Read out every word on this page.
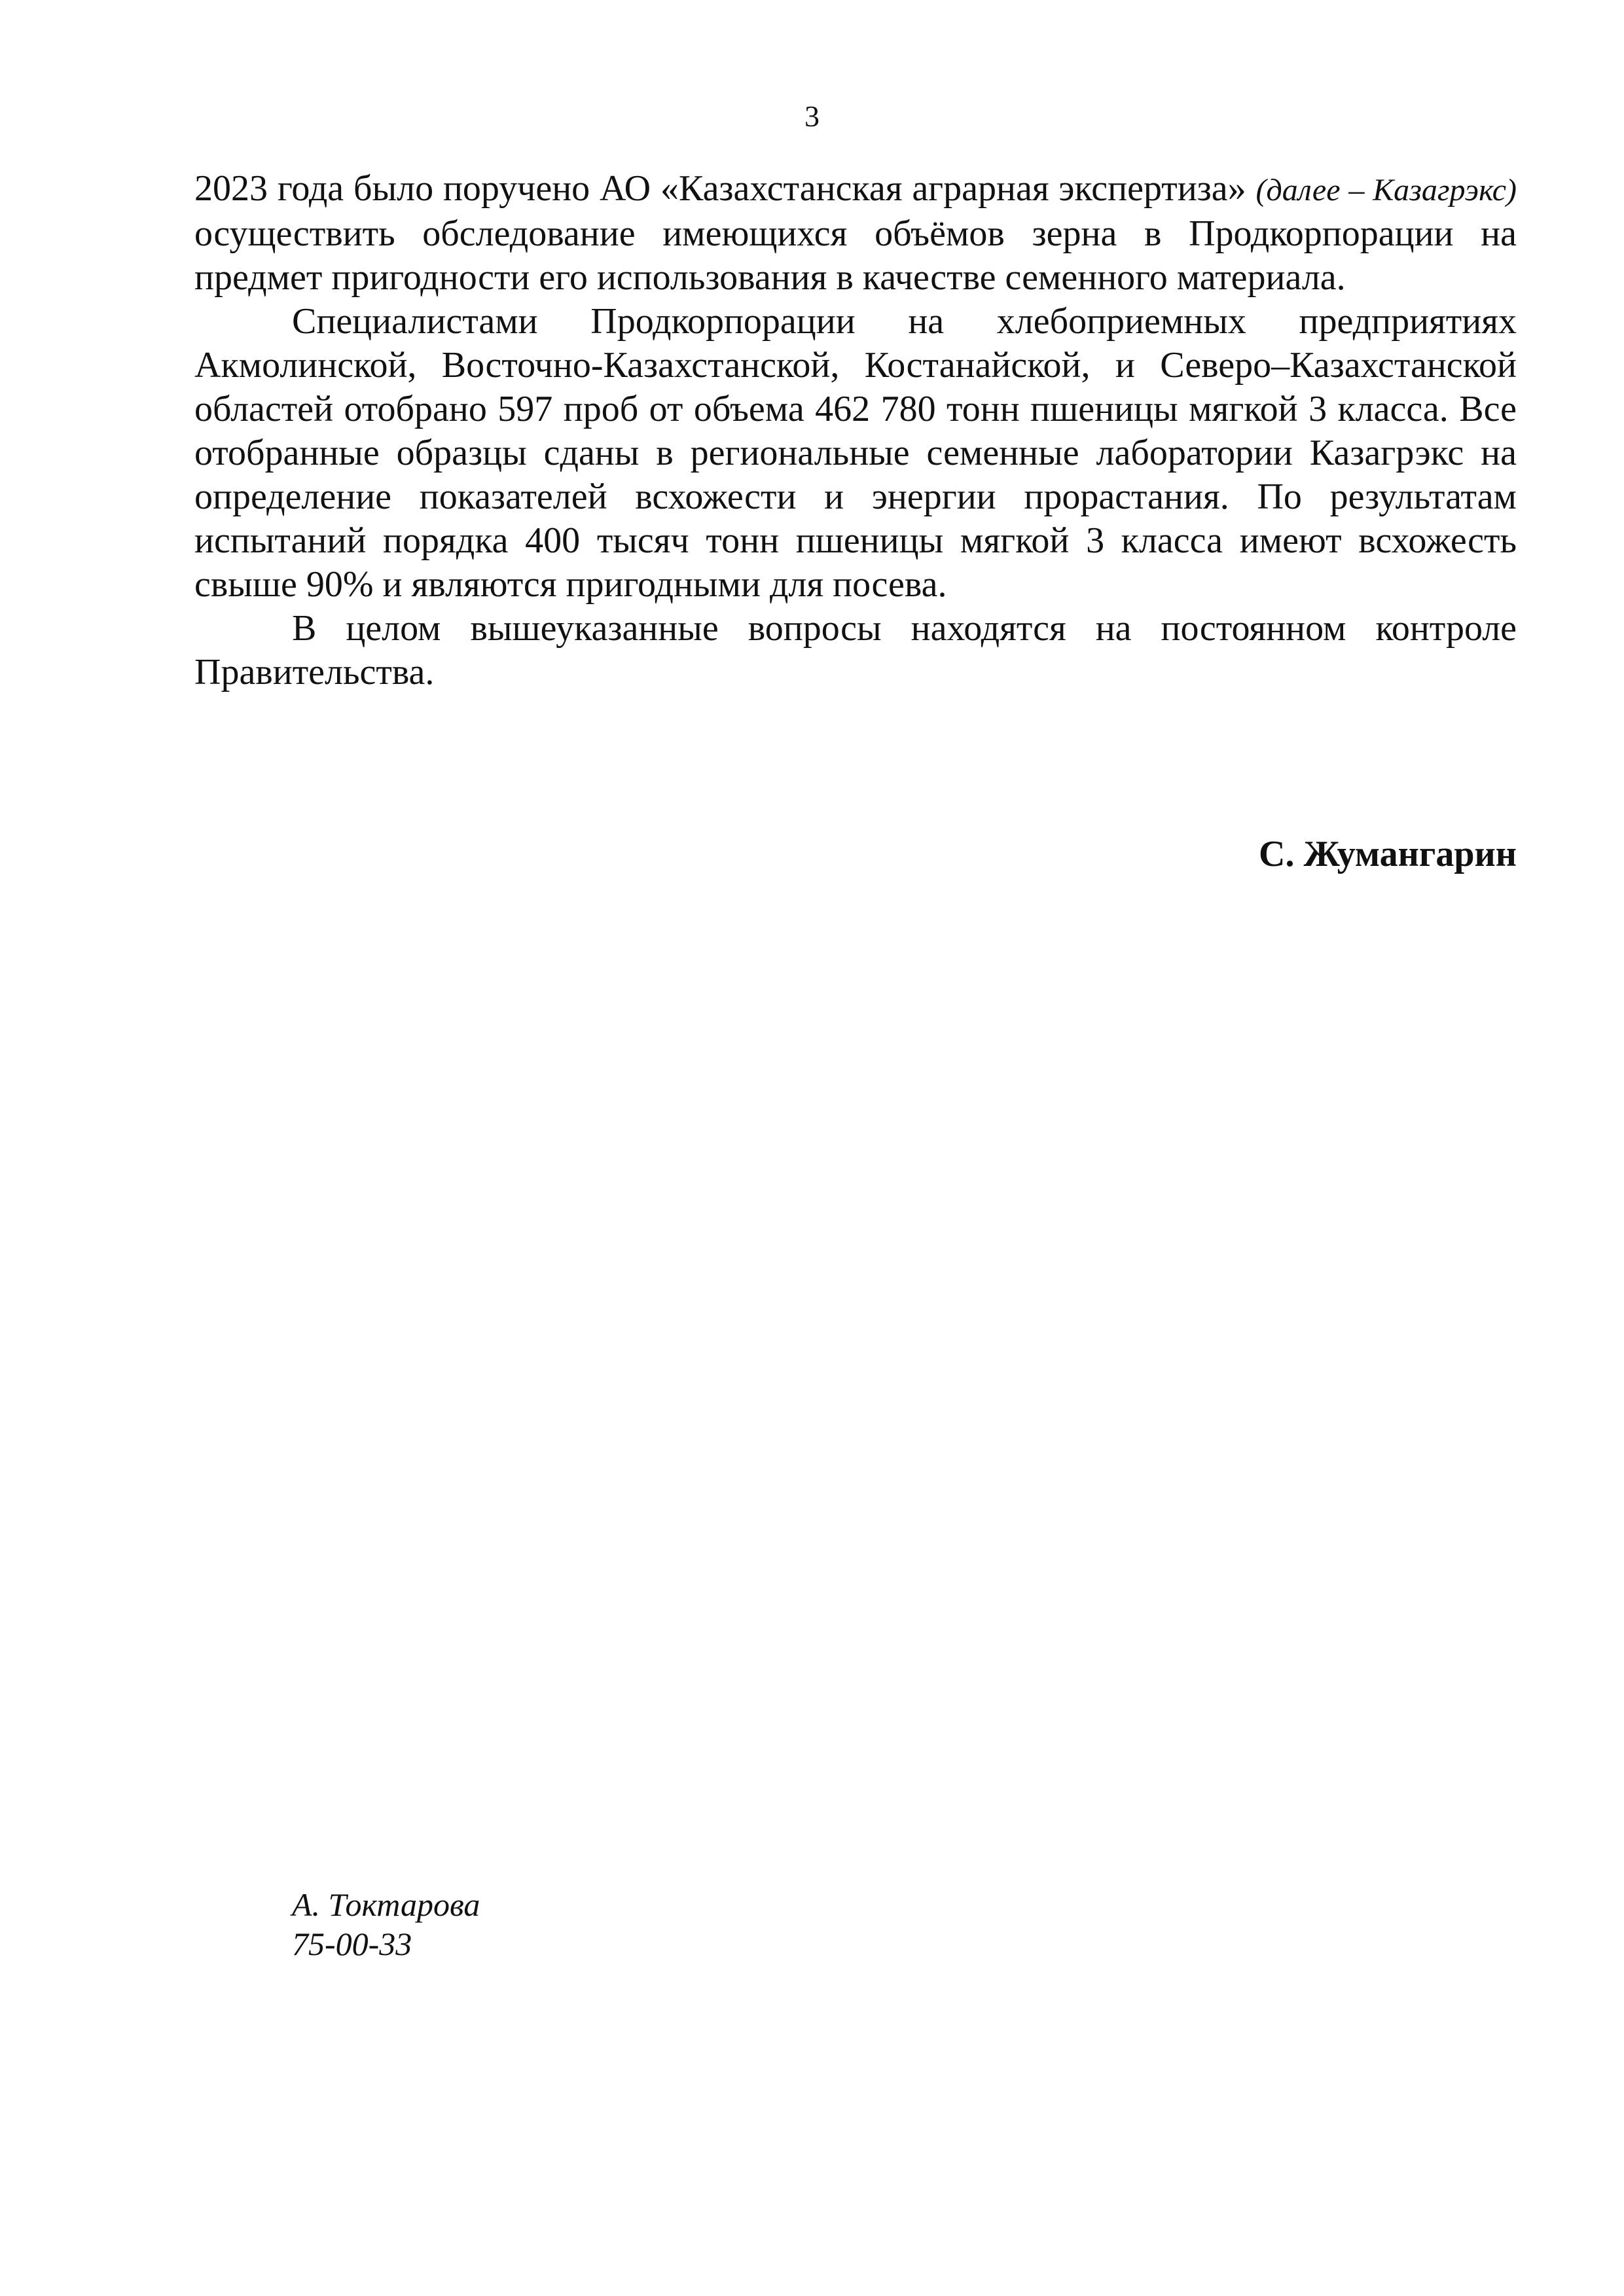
3

2023 года было поручено АО «Казахстанская аграрная экспертиза» (далее – Казагрэкс) осуществить обследование имеющихся объёмов зерна в Продкорпорации на предмет пригодности его использования в качестве семенного материала.

Специалистами Продкорпорации на хлебоприемных предприятиях Акмолинской, Восточно-Казахстанской, Костанайской, и Северо–Казахстанской областей отобрано 597 проб от объема 462 780 тонн пшеницы мягкой 3 класса. Все отобранные образцы сданы в региональные семенные лаборатории Казагрэкс на определение показателей всхожести и энергии прорастания. По результатам испытаний порядка 400 тысяч тонн пшеницы мягкой 3 класса имеют всхожесть свыше 90% и являются пригодными для посева.

В целом вышеуказанные вопросы находятся на постоянном контроле Правительства.

С. Жумангарин
А. Токтарова
75-00-33
